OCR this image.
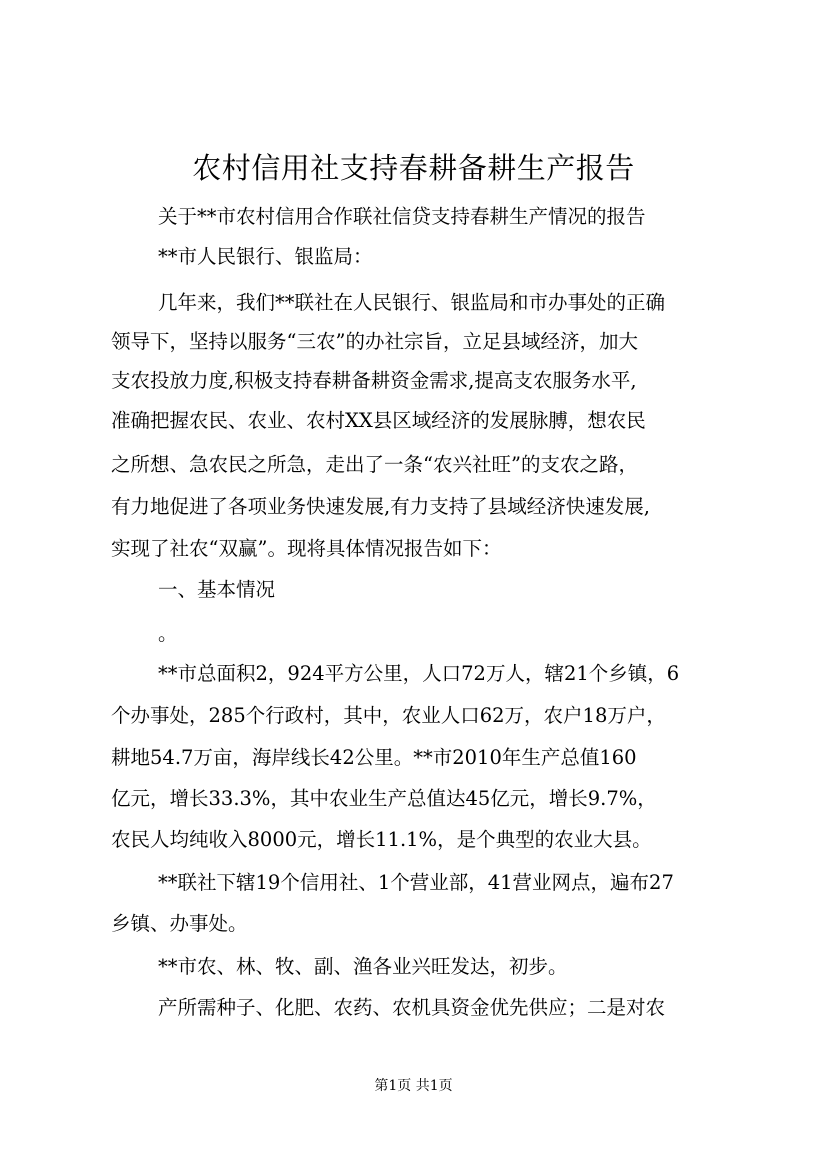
农村信用社支持春耕备耕生产报告

关于**市农村信用合作联社信贷支持春耕生产情况的报告

**市人民银行、银监局：

几年来，我们**联社在人民银行、银监局和市办事处的正确

领导下，坚持以服务“三农”的办社宗旨，立足县域经济，加大

支农投放力度,积极支持春耕备耕资金需求,提高支农服务水平,

准确把握农民、农业、农村XX县区域经济的发展脉膊，想农民

之所想、急农民之所急，走出了一条“农兴社旺”的支农之路，

有力地促进了各项业务快速发展,有力支持了县域经济快速发展,

实现了社农“双赢”。现将具体情况报告如下：

一、基本情况

。

**市总面积2，924平方公里，人口72万人，辖21个乡镇，6

个办事处，285个行政村，其中，农业人口62万，农户18万户，

耕地54.7万亩，海岸线长42公里。**市2010年生产总值160

亿元，增长33.3%，其中农业生产总值达45亿元，增长9.7%，

农民人均纯收入8000元，增长11.1%，是个典型的农业大县。

**联社下辖19个信用社、1个营业部，41营业网点，遍布27

乡镇、办事处。

**市农、林、牧、副、渔各业兴旺发达，初步。

产所需种子、化肥、农药、农机具资金优先供应；二是对农

第1页 共1页
